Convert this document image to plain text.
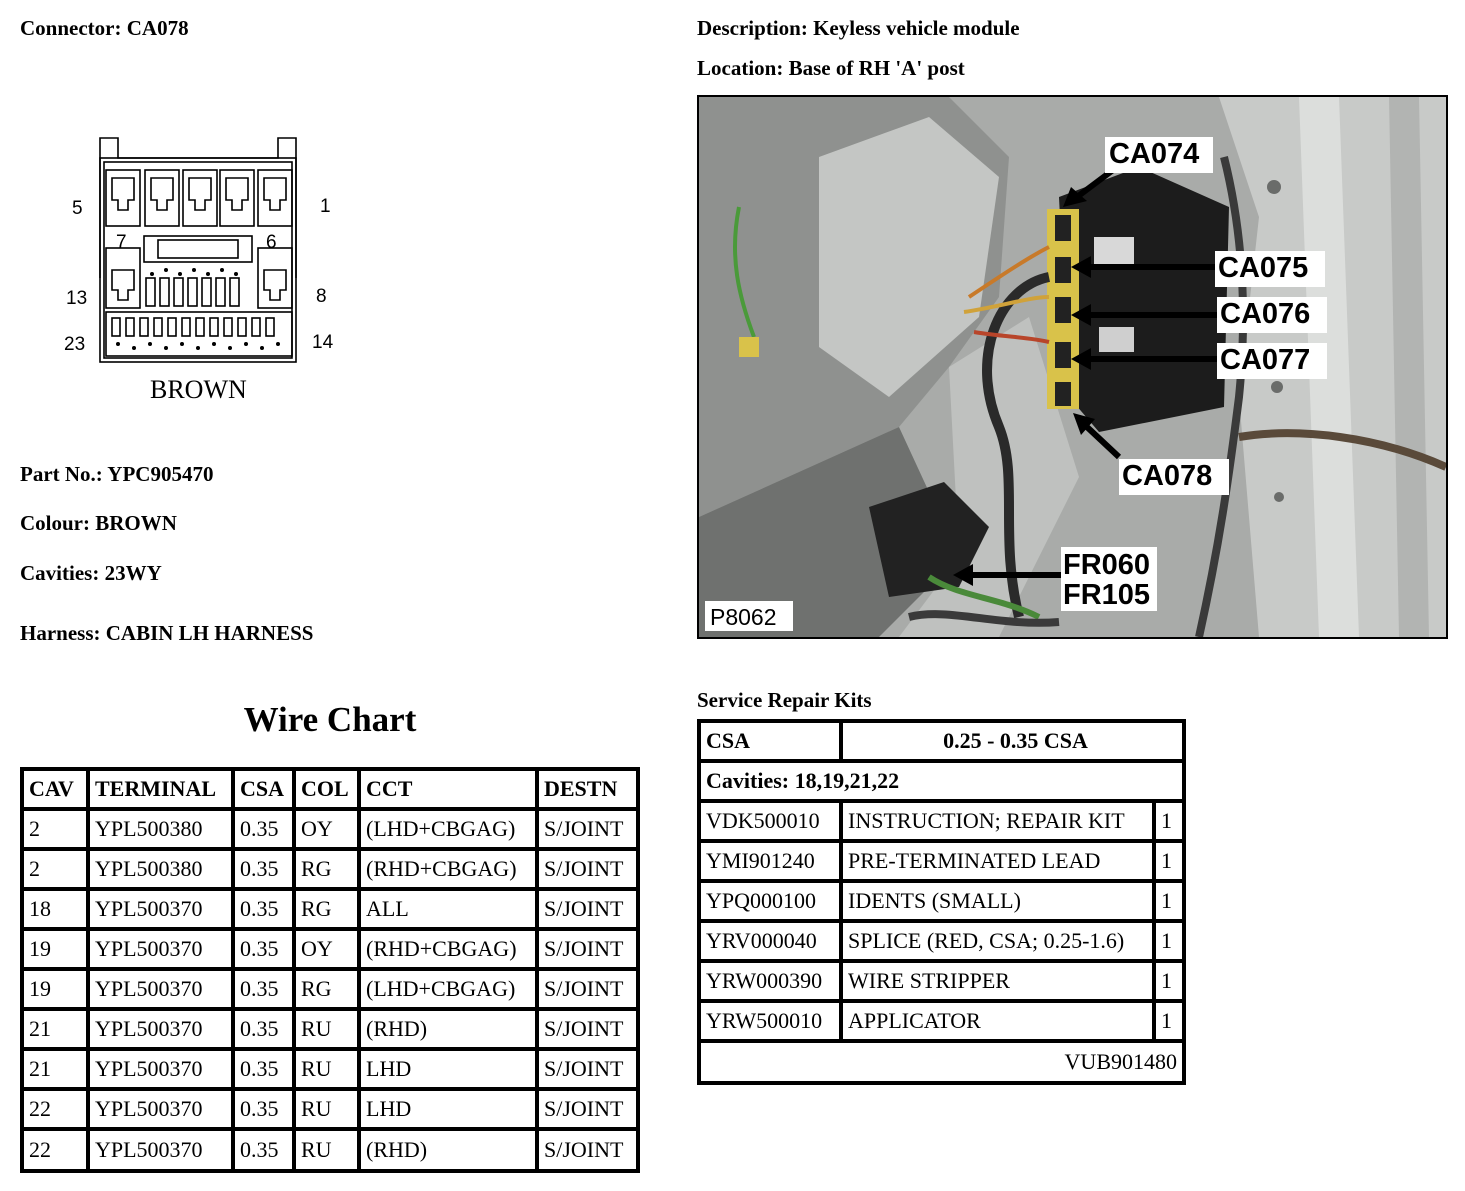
Connector: CA078	Description: Keyless vehicle module
Location: Base of RH 'A' post
5	1
7	6
13	8
23	14
BROWN
Part No.: YPC905470
Colour: BROWN
Cavities: 23WY
Harness: CABIN LH HARNESS
CA074
CA075
CA076
CA077
CA078
FR060
FR105
P8062
Wire Chart
CAV	TERMINAL	CSA	COL	CCT	DESTN
2	YPL500380	0.35	OY	(LHD+CBGAG)	S/JOINT
2	YPL500380	0.35	RG	(RHD+CBGAG)	S/JOINT
18	YPL500370	0.35	RG	ALL	S/JOINT
19	YPL500370	0.35	OY	(RHD+CBGAG)	S/JOINT
19	YPL500370	0.35	RG	(LHD+CBGAG)	S/JOINT
21	YPL500370	0.35	RU	(RHD)	S/JOINT
21	YPL500370	0.35	RU	LHD	S/JOINT
22	YPL500370	0.35	RU	LHD	S/JOINT
22	YPL500370	0.35	RU	(RHD)	S/JOINT
Service Repair Kits
CSA	0.25 - 0.35 CSA	
Cavities: 18,19,21,22		
VDK500010	INSTRUCTION; REPAIR KIT	1
YMI901240	PRE-TERMINATED LEAD	1
YPQ000100	IDENTS (SMALL)	1
YRV000040	SPLICE (RED, CSA; 0.25-1.6)	1
YRW000390	WIRE STRIPPER	1
YRW500010	APPLICATOR	1
VUB901480		
